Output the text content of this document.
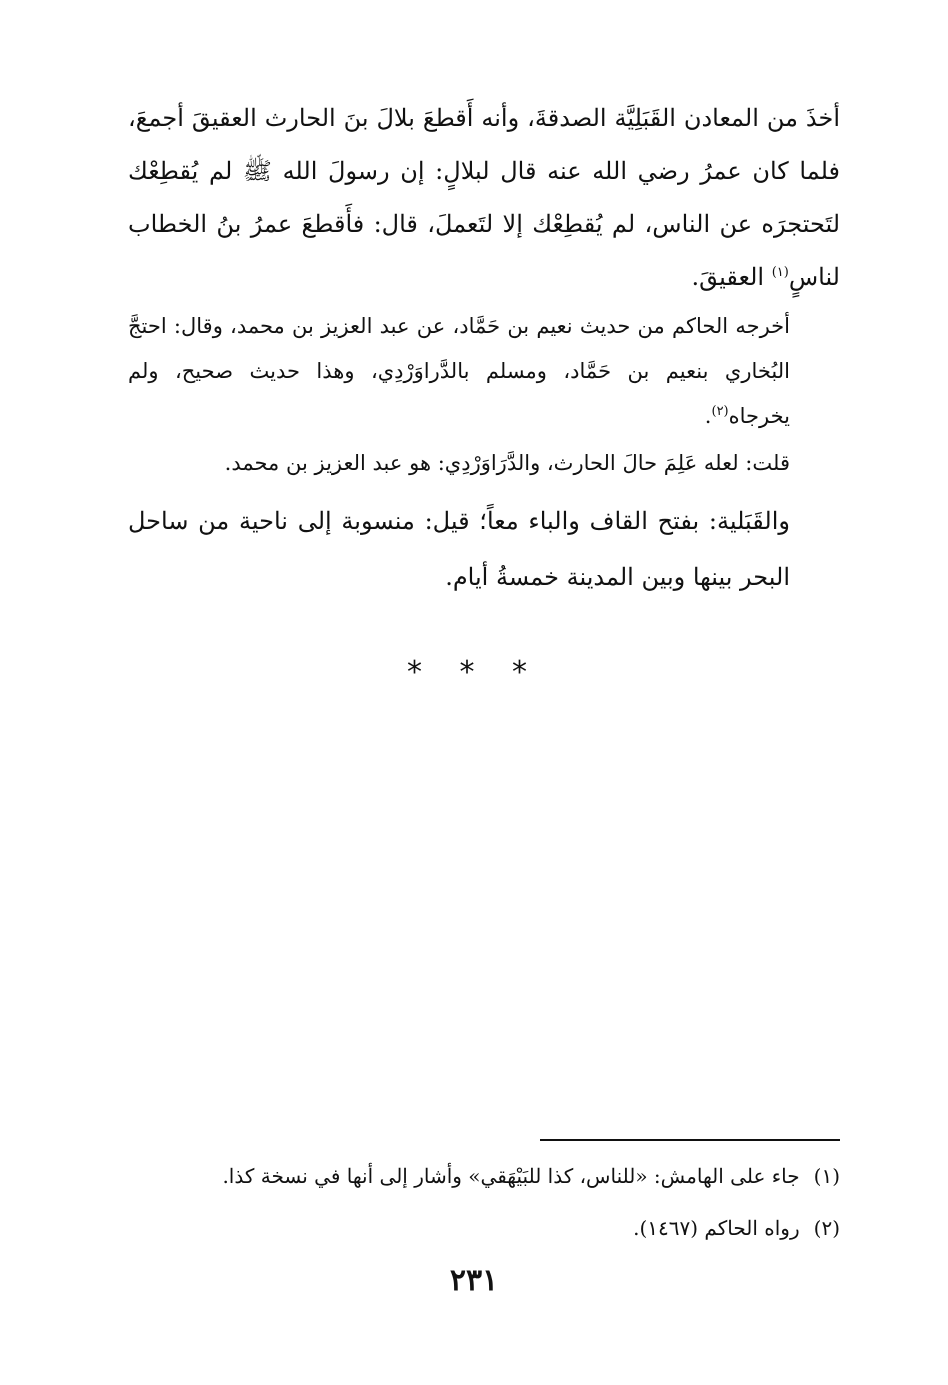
أخذَ من المعادن القَبَلِيَّة الصدقةَ، وأنه أَقطعَ بلالَ بنَ الحارث العقيقَ أجمعَ، فلما كان عمرُ رضي الله عنه قال لبلالٍ: إن رسولَ الله ﷺ لم يُقطِعْك لتَحتجرَه عن الناس، لم يُقطِعْك إلا لتَعملَ، قال: فأَقطعَ عمرُ بنُ الخطاب لناسٍ$^{(١)}$ العقيقَ.

أخرجه الحاكم من حديث نعيم بن حَمَّاد، عن عبد العزيز بن محمد، وقال: احتجَّ البُخاري بنعيم بن حَمَّاد، ومسلم بالدَّراوَرْدِي، وهذا حديث صحيح، ولم يخرجاه$^{(٢)}$.

قلت: لعله عَلِمَ حالَ الحارث، والدَّرَاوَرْدِي: هو عبد العزيز بن محمد.

والقَبَلية: بفتح القاف والباء معاً؛ قيل: منسوبة إلى ناحية من ساحل البحر بينها وبين المدينة خمسةُ أيام.

* * *

(١)جاء على الهامش: «للناس، كذا للبَيْهَقي» وأشار إلى أنها في نسخة كذا.

(٢)رواه الحاكم (١٤٦٧).

٢٣١
